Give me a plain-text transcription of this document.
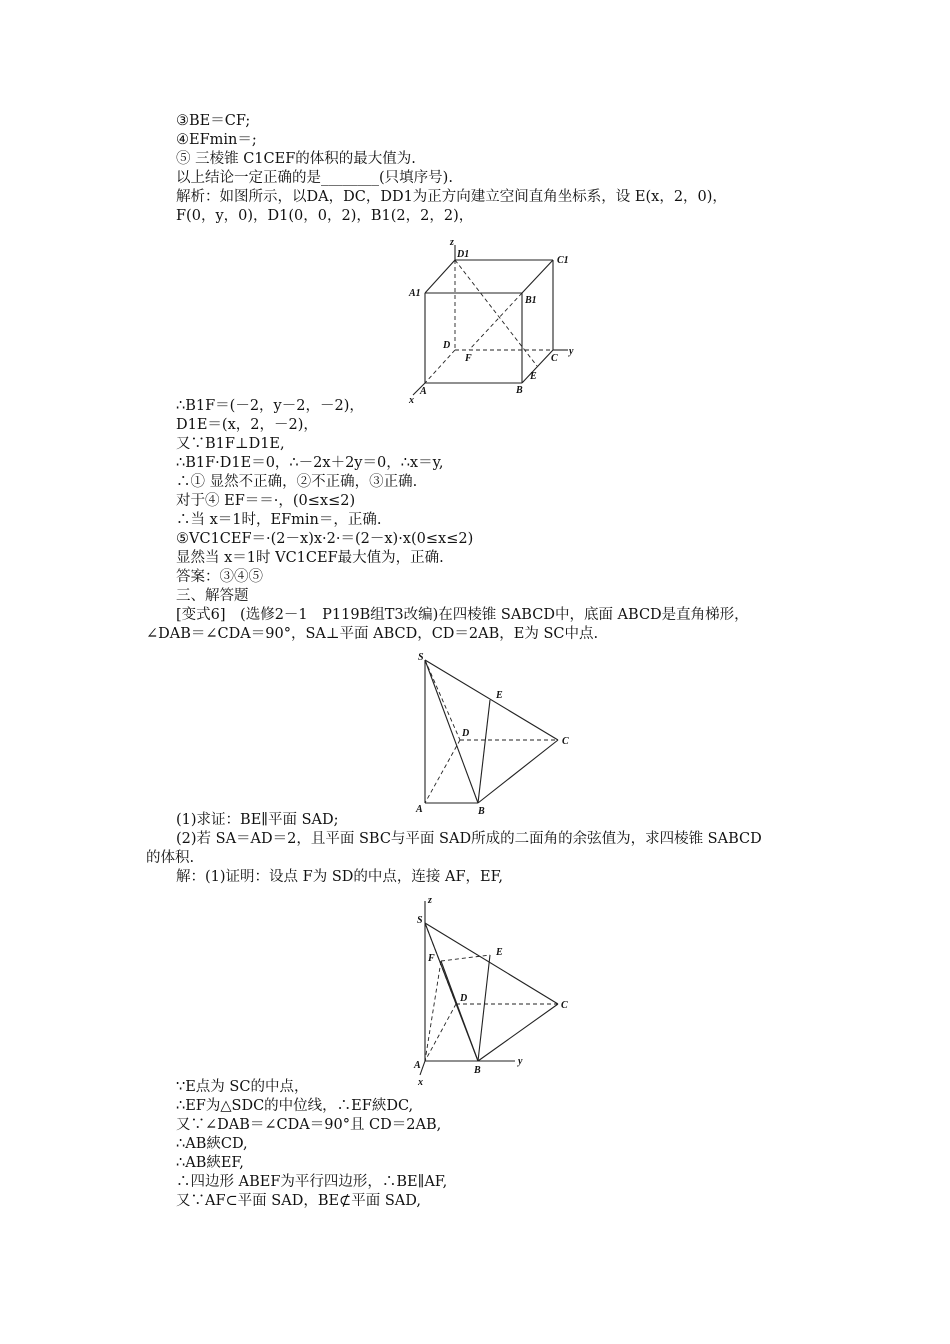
③BE＝CF;
④EFmin＝;
⑤ 三棱锥 C1CEF的体积的最大值为.
以上结论一定正确的是________(只填序号).
解析：如图所示，以DA，DC，DD1为正方向建立空间直角坐标系，设 E(x，2，0)，
F(0，y，0)，D1(0，0，2)，B1(2，2，2)，
∴B1F＝(－2，y－2，－2)，
D1E＝(x，2，－2)，
又∵B1F⊥D1E,
∴B1F·D1E＝0，∴－2x＋2y＝0，∴x＝y,
∴① 显然不正确，②不正确，③正确.
对于④ EF＝＝·，(0≤x≤2)
∴当 x＝1时，EFmin＝，正确.
⑤VC1CEF＝·(2－x)x·2·＝(2－x)·x(0≤x≤2)
显然当 x＝1时 VC1CEF最大值为，正确.
答案：③④⑤
三、解答题
[变式6]　(选修2－1　P119B组T3改编)在四棱锥 SABCD中，底面 ABCD是直角梯形，
∠DAB＝∠CDA＝90°，SA⊥平面 ABCD，CD＝2AB，E为 SC中点.
(1)求证：BE∥平面 SAD;
(2)若 SA＝AD＝2，且平面 SBC与平面 SAD所成的二面角的余弦值为，求四棱锥 SABCD
的体积.
解：(1)证明：设点 F为 SD的中点，连接 AF，EF,
∵E点为 SC的中点，
∴EF为△SDC的中位线，∴EF綊DC,
又∵∠DAB＝∠CDA＝90°且 CD＝2AB,
∴AB綊CD,
∴AB綊EF,
∴四边形 ABEF为平行四边形，∴BE∥AF,
又∵AF⊂平面 SAD，BE⊄平面 SAD,
z
D1
C1
A1
B1
D
F	C
y
E
A	B
x
S
E
D
C
A	B
S
z
E
F
D
C
A	B
y
x
